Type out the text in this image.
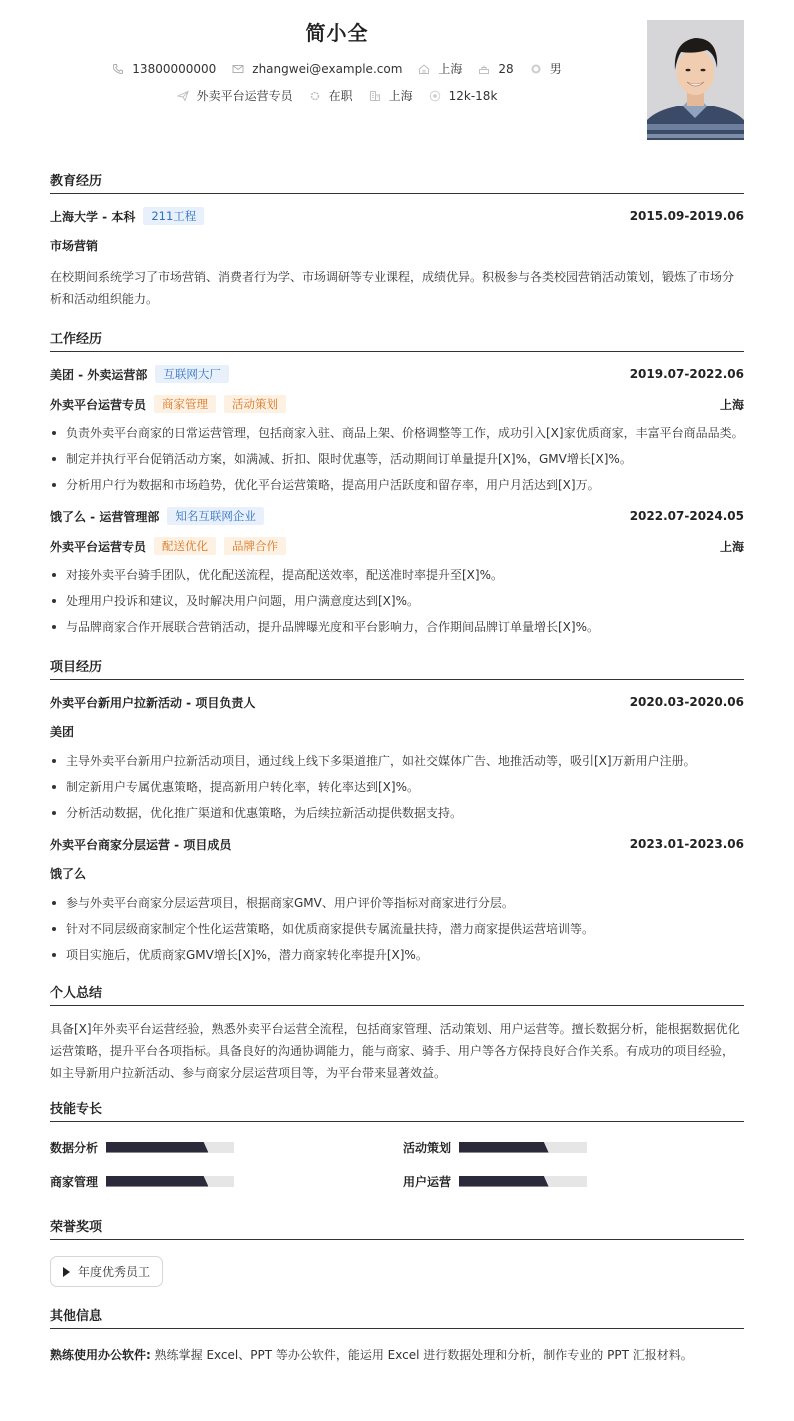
简小全
13800000000	zhangwei@example.com	上海	28	男
外卖平台运营专员	在职	上海	12k-18k
教育经历
上海大学 - 本科	211工程	2015.09-2019.06
市场营销
在校期间系统学习了市场营销、消费者行为学、市场调研等专业课程，成绩优异。积极参与各类校园营销活动策划，锻炼了市场分析和活动组织能力。
工作经历
美团 - 外卖运营部	互联网大厂	2019.07-2022.06
外卖平台运营专员	商家管理	活动策划	上海
负责外卖平台商家的日常运营管理，包括商家入驻、商品上架、价格调整等工作，成功引入[X]家优质商家，丰富平台商品品类。
制定并执行平台促销活动方案，如满减、折扣、限时优惠等，活动期间订单量提升[X]%，GMV增长[X]%。
分析用户行为数据和市场趋势，优化平台运营策略，提高用户活跃度和留存率，用户月活达到[X]万。
饿了么 - 运营管理部	知名互联网企业	2022.07-2024.05
外卖平台运营专员	配送优化	品牌合作	上海
对接外卖平台骑手团队，优化配送流程，提高配送效率，配送准时率提升至[X]%。
处理用户投诉和建议，及时解决用户问题，用户满意度达到[X]%。
与品牌商家合作开展联合营销活动，提升品牌曝光度和平台影响力，合作期间品牌订单量增长[X]%。
项目经历
外卖平台新用户拉新活动 - 项目负责人	2020.03-2020.06
美团
主导外卖平台新用户拉新活动项目，通过线上线下多渠道推广，如社交媒体广告、地推活动等，吸引[X]万新用户注册。
制定新用户专属优惠策略，提高新用户转化率，转化率达到[X]%。
分析活动数据，优化推广渠道和优惠策略，为后续拉新活动提供数据支持。
外卖平台商家分层运营 - 项目成员	2023.01-2023.06
饿了么
参与外卖平台商家分层运营项目，根据商家GMV、用户评价等指标对商家进行分层。
针对不同层级商家制定个性化运营策略，如优质商家提供专属流量扶持，潜力商家提供运营培训等。
项目实施后，优质商家GMV增长[X]%，潜力商家转化率提升[X]%。
个人总结
具备[X]年外卖平台运营经验，熟悉外卖平台运营全流程，包括商家管理、活动策划、用户运营等。擅长数据分析，能根据数据优化运营策略，提升平台各项指标。具备良好的沟通协调能力，能与商家、骑手、用户等各方保持良好合作关系。有成功的项目经验，如主导新用户拉新活动、参与商家分层运营项目等，为平台带来显著效益。
技能专长
数据分析	活动策划
商家管理	用户运营
荣誉奖项
年度优秀员工
其他信息
熟练使用办公软件: 熟练掌握 Excel、PPT 等办公软件，能运用 Excel 进行数据处理和分析，制作专业的 PPT 汇报材料。
